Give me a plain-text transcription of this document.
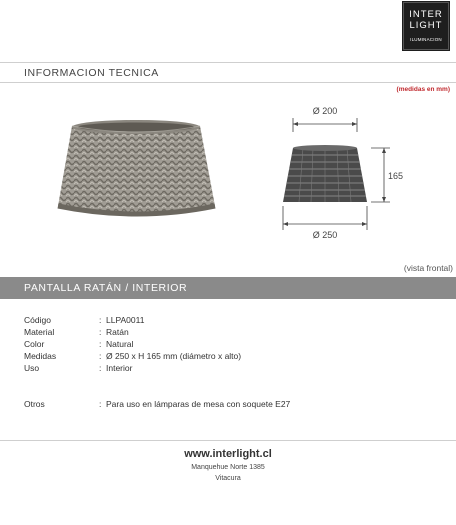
INTER
LIGHT
ILUMINACION
INFORMACION TECNICA
(medidas en mm)
Ø 200
165
Ø 250
(vista frontal)
PANTALLA RATÁN / INTERIOR
Código	: LLPA0011
Material	: Ratán
Color	: Natural
Medidas	: Ø 250 x H 165 mm (diámetro x alto)
Uso	: Interior
Otros	: Para uso en lámparas de mesa con soquete E27
www.interlight.cl
Manquehue Norte 1385
Vitacura
